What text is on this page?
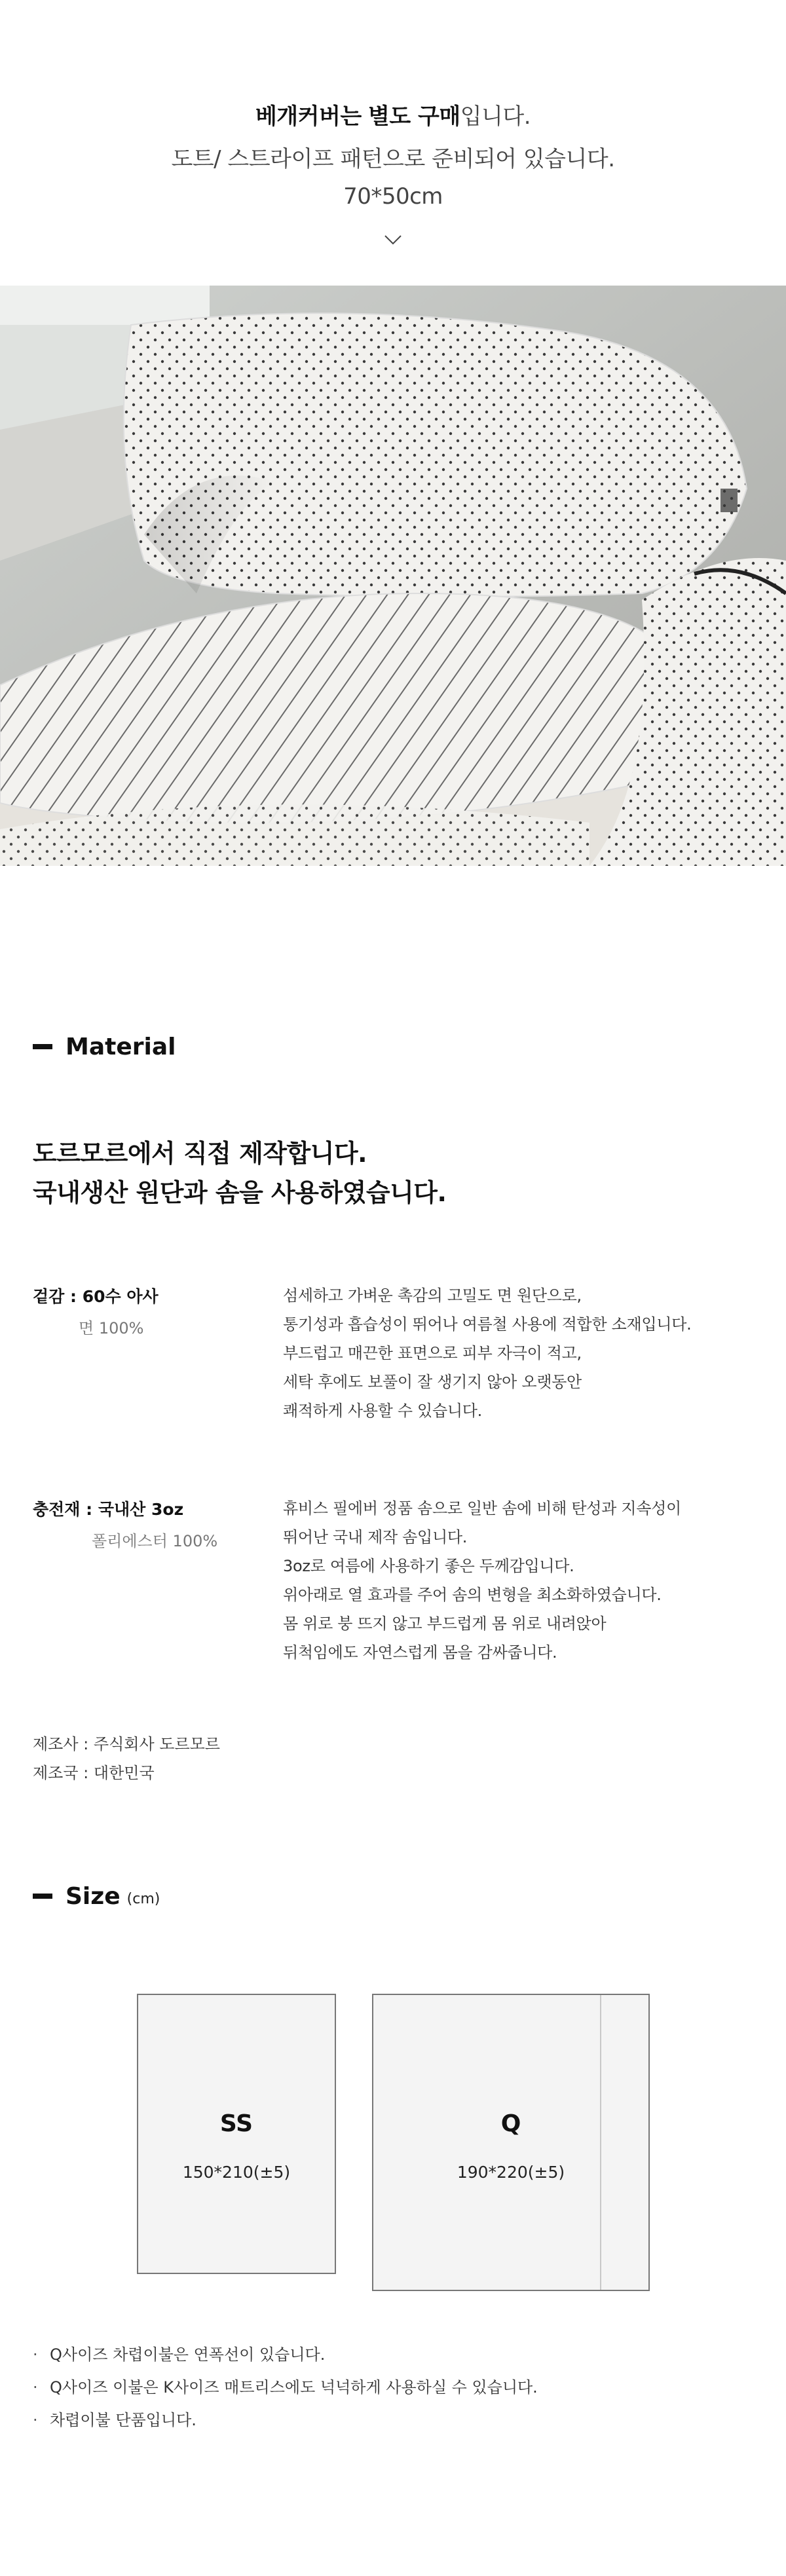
베개커버는 별도 구매입니다.
도트/ 스트라이프 패턴으로 준비되어 있습니다.
70*50cm
Material
도르모르에서 직접 제작합니다.
국내생산 원단과 솜을 사용하였습니다.
겉감 : 60수 아사
면 100%
섬세하고 가벼운 촉감의 고밀도 면 원단으로,
통기성과 흡습성이 뛰어나 여름철 사용에 적합한 소재입니다.
부드럽고 매끈한 표면으로 피부 자극이 적고,
세탁 후에도 보풀이 잘 생기지 않아 오랫동안
쾌적하게 사용할 수 있습니다.
충전재 : 국내산 3oz
폴리에스터 100%
휴비스 필에버 정품 솜으로 일반 솜에 비해 탄성과 지속성이
뛰어난 국내 제작 솜입니다.
3oz로 여름에 사용하기 좋은 두께감입니다.
위아래로 열 효과를 주어 솜의 변형을 최소화하였습니다.
몸 위로 붕 뜨지 않고 부드럽게 몸 위로 내려앉아
뒤척임에도 자연스럽게 몸을 감싸줍니다.
제조사 : 주식회사 도르모르
제조국 : 대한민국
Size (cm)
SS
150*210(±5)
Q
190*220(±5)
· Q사이즈 차렵이불은 연폭선이 있습니다.
· Q사이즈 이불은 K사이즈 매트리스에도 넉넉하게 사용하실 수 있습니다.
· 차렵이불 단품입니다.
